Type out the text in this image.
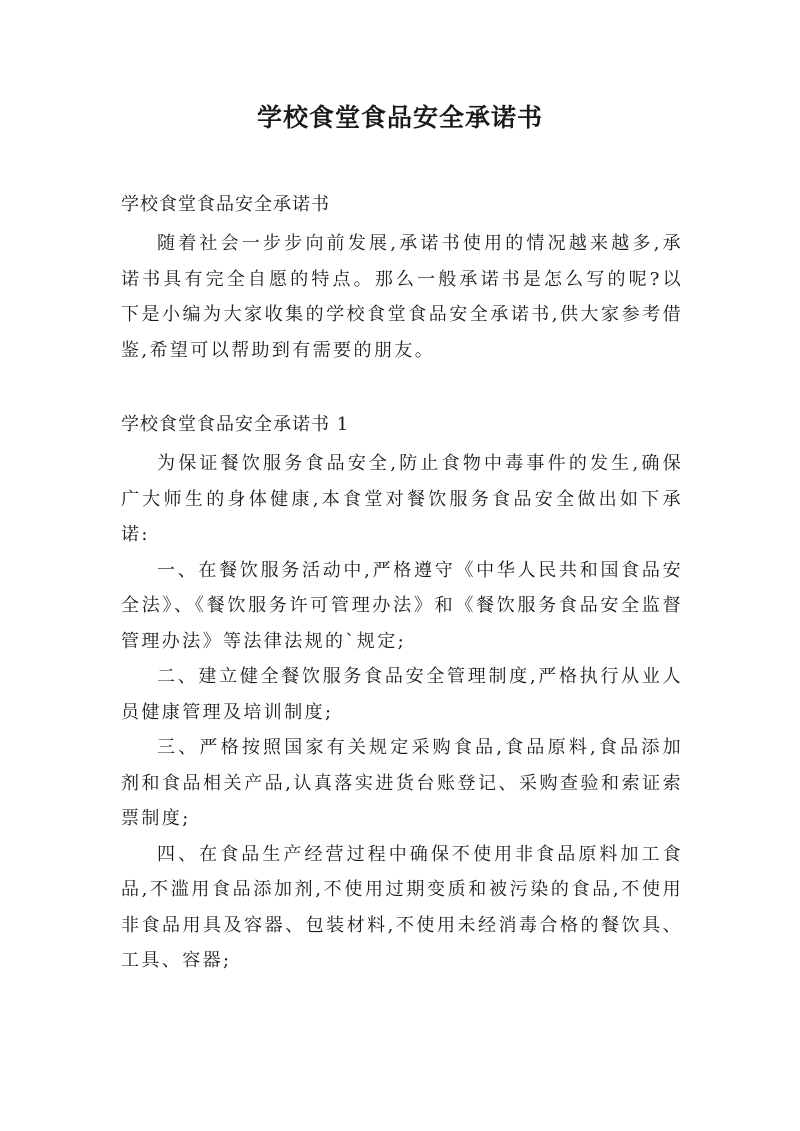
学校食堂食品安全承诺书

学校食堂食品安全承诺书

随着社会一步步向前发展,承诺书使用的情况越来越多,承诺书具有完全自愿的特点。那么一般承诺书是怎么写的呢?以下是小编为大家收集的学校食堂食品安全承诺书,供大家参考借鉴,希望可以帮助到有需要的朋友。

学校食堂食品安全承诺书 1

为保证餐饮服务食品安全,防止食物中毒事件的发生,确保广大师生的身体健康,本食堂对餐饮服务食品安全做出如下承诺:

一、在餐饮服务活动中,严格遵守《中华人民共和国食品安全法》、《餐饮服务许可管理办法》和《餐饮服务食品安全监督管理办法》等法律法规的`规定;

二、建立健全餐饮服务食品安全管理制度,严格执行从业人员健康管理及培训制度;

三、严格按照国家有关规定采购食品,食品原料,食品添加剂和食品相关产品,认真落实进货台账登记、采购查验和索证索票制度;

四、在食品生产经营过程中确保不使用非食品原料加工食品,不滥用食品添加剂,不使用过期变质和被污染的食品,不使用非食品用具及容器、包装材料,不使用未经消毒合格的餐饮具、工具、容器;
